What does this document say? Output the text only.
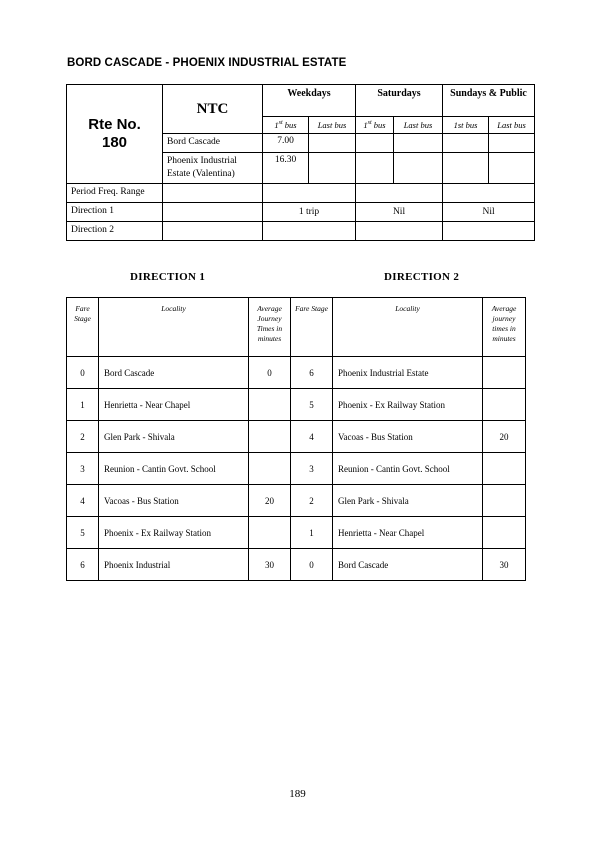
BORD CASCADE - PHOENIX INDUSTRIAL ESTATE
Rte No.
180	NTC	Weekdays		Saturdays		Sundays & Public	
		1st bus	Last bus	1st bus	Last bus	1st bus	Last bus
	Bord Cascade	7.00					
	Phoenix Industrial Estate (Valentina)	16.30					
Period Freq. Range							
Direction 1		1 trip		Nil		Nil	
Direction 2							
DIRECTION 1	DIRECTION 2
Fare Stage	Locality	Average Journey Times in minutes	Fare Stage	Locality	Average journey times in minutes
0	Bord Cascade	0	6	Phoenix Industrial Estate	
1	Henrietta - Near Chapel		5	Phoenix - Ex Railway Station	
2	Glen Park - Shivala		4	Vacoas - Bus Station	20
3	Reunion - Cantin Govt. School		3	Reunion - Cantin Govt. School	
4	Vacoas - Bus Station	20	2	Glen Park - Shivala	
5	Phoenix - Ex Railway Station		1	Henrietta - Near Chapel	
6	Phoenix Industrial	30	0	Bord Cascade	30
189
